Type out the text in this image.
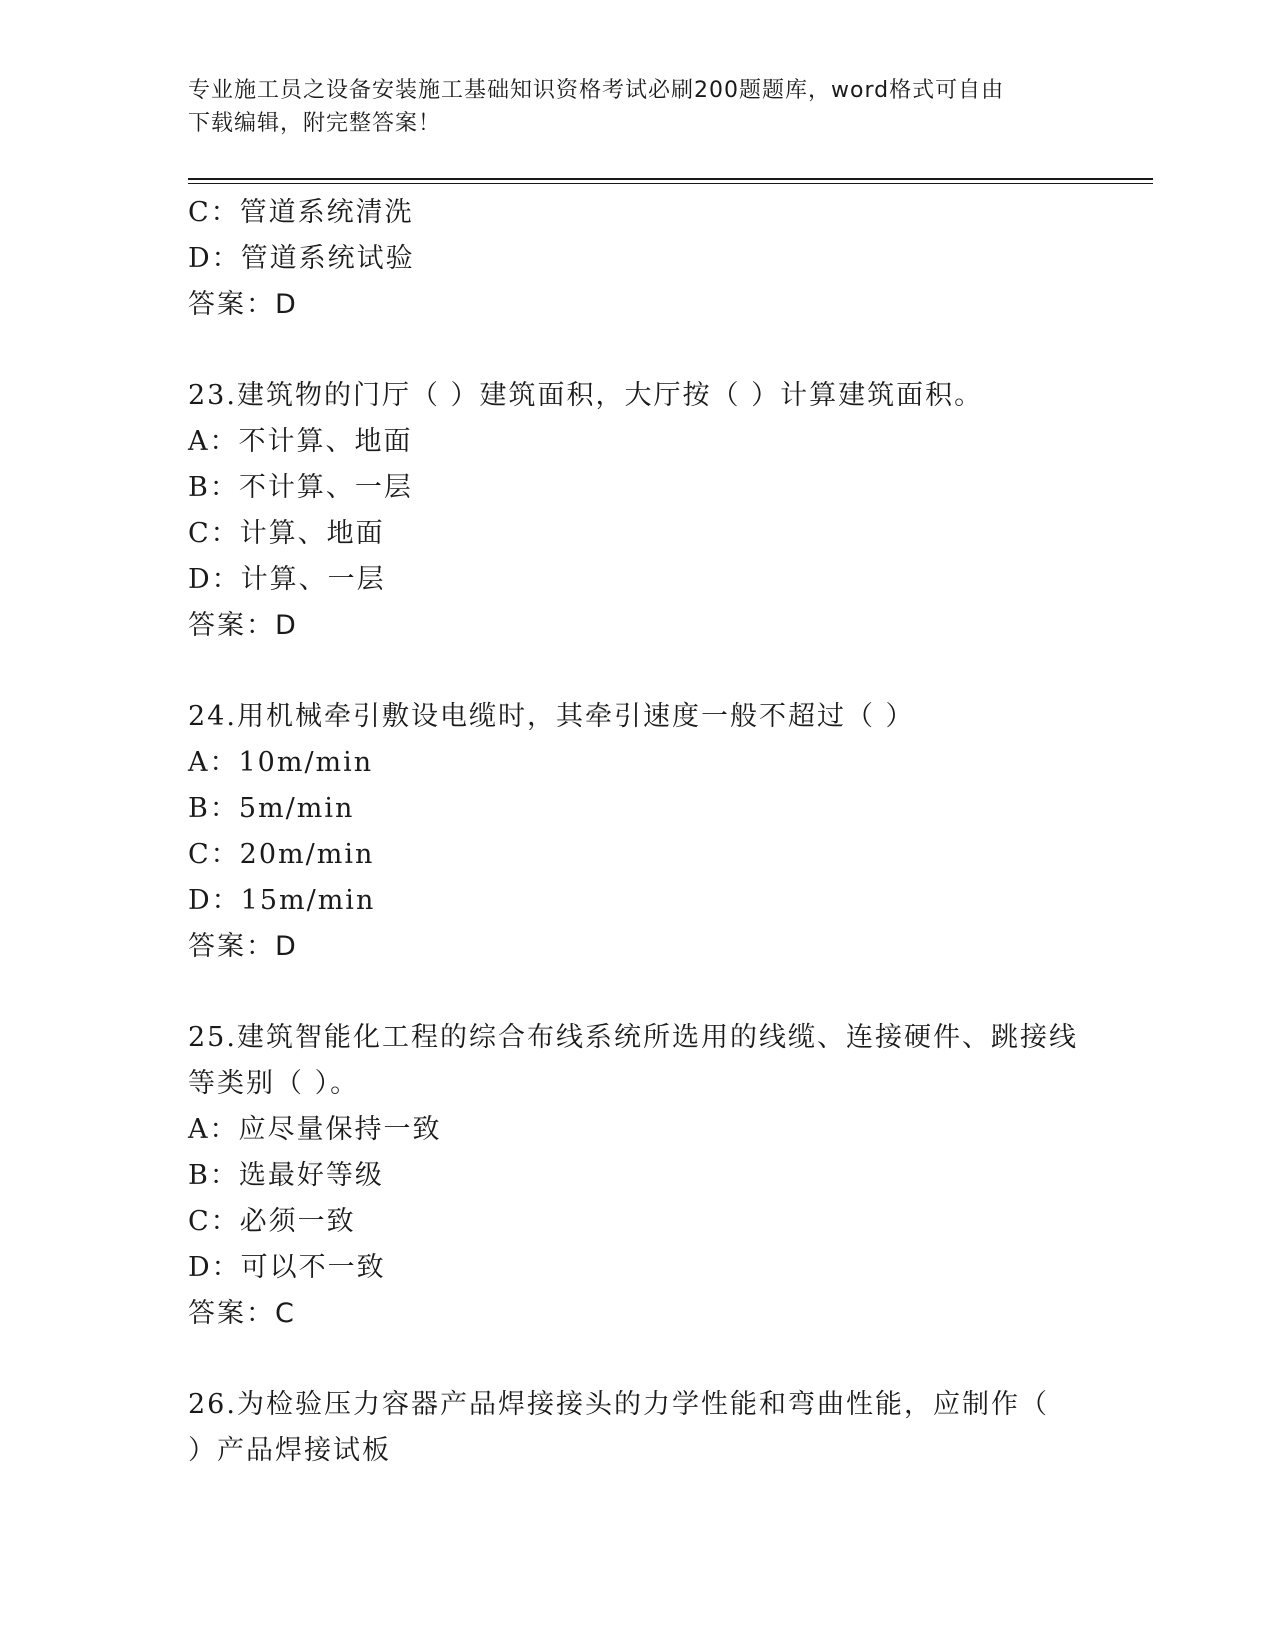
专业施工员之设备安装施工基础知识资格考试必刷200题题库，word格式可自由
下载编辑，附完整答案！
C：管道系统清洗
D：管道系统试验
答案：D
23.建筑物的门厅（ ）建筑面积，大厅按（ ）计算建筑面积。
A：不计算、地面
B：不计算、一层
C：计算、地面
D：计算、一层
答案：D
24.用机械牵引敷设电缆时，其牵引速度一般不超过（ ）
A：10m/min
B：5m/min
C：20m/min
D：15m/min
答案：D
25.建筑智能化工程的综合布线系统所选用的线缆、连接硬件、跳接线
等类别（ ）。
A：应尽量保持一致
B：选最好等级
C：必须一致
D：可以不一致
答案：C
26.为检验压力容器产品焊接接头的力学性能和弯曲性能，应制作（
）产品焊接试板
